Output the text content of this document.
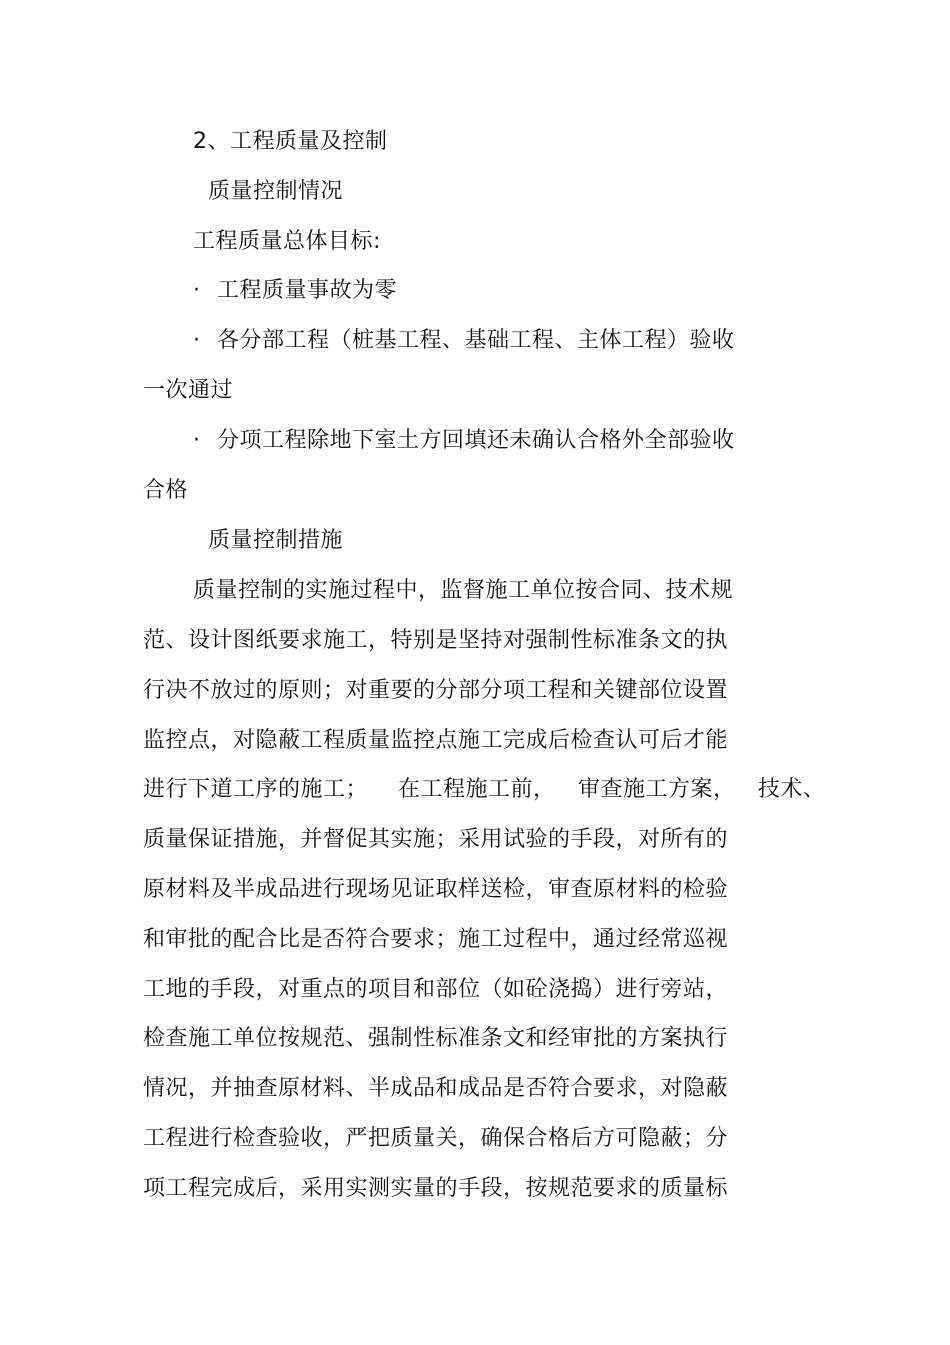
2、工程质量及控制
质量控制情况
工程质量总体目标:
· 工程质量事故为零
· 各分部工程（桩基工程、基础工程、主体工程）验收
一次通过
· 分项工程除地下室土方回填还未确认合格外全部验收
合格
质量控制措施
质量控制的实施过程中，监督施工单位按合同、技术规
范、设计图纸要求施工，特别是坚持对强制性标准条文的执
行决不放过的原则；对重要的分部分项工程和关键部位设置
监控点，对隐蔽工程质量监控点施工完成后检查认可后才能
进行下道工序的施工；    在工程施工前，   审查施工方案，   技术、
质量保证措施，并督促其实施；采用试验的手段，对所有的
原材料及半成品进行现场见证取样送检，审查原材料的检验
和审批的配合比是否符合要求；施工过程中，通过经常巡视
工地的手段，对重点的项目和部位（如砼浇捣）进行旁站，
检查施工单位按规范、强制性标准条文和经审批的方案执行
情况，并抽查原材料、半成品和成品是否符合要求，对隐蔽
工程进行检查验收，严把质量关，确保合格后方可隐蔽；分
项工程完成后，采用实测实量的手段，按规范要求的质量标
